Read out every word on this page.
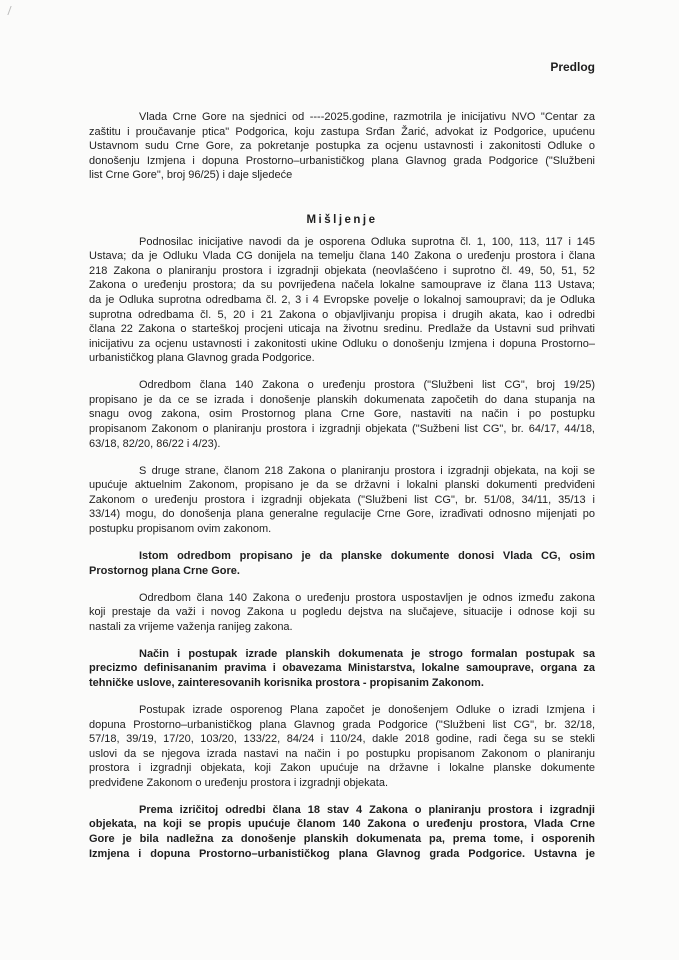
Predlog
Vlada Crne Gore na sjednici od ----2025.godine, razmotrila je inicijativu NVO "Centar za
zaštitu i proučavanje ptica" Podgorica, koju zastupa Srđan Žarić, advokat iz Podgorice, upućenu
Ustavnom sudu Crne Gore, za pokretanje postupka za ocjenu ustavnosti i zakonitosti Odluke o
donošenju Izmjena i dopuna Prostorno–urbanističkog plana Glavnog grada Podgorice ("Službeni
list Crne Gore", broj 96/25) i daje sljedeće
Mišljenje
Podnosilac inicijative navodi da je osporena Odluka suprotna čl. 1, 100, 113, 117 i 145
Ustava; da je Odluku Vlada CG donijela na temelju člana 140 Zakona o uređenju prostora i člana
218 Zakona o planiranju prostora i izgradnji objekata (neovlašćeno i suprotno čl. 49, 50, 51, 52
Zakona o uređenju prostora; da su povrijeđena načela lokalne samouprave iz člana 113 Ustava;
da je Odluka suprotna odredbama čl. 2, 3 i 4 Evropske povelje o lokalnoj samoupravi; da je Odluka
suprotna odredbama čl. 5, 20 i 21 Zakona o objavljivanju propisa i drugih akata, kao i odredbi
člana 22 Zakona o starteškoj procjeni uticaja na životnu sredinu. Predlaže da Ustavni sud prihvati
inicijativu za ocjenu ustavnosti i zakonitosti ukine Odluku o donošenju Izmjena i dopuna Prostorno–
urbanističkog plana Glavnog grada Podgorice.
Odredbom člana 140 Zakona o uređenju prostora ("Službeni list CG", broj 19/25)
propisano je da ce se izrada i donošenje planskih dokumenata započetih do dana stupanja na
snagu ovog zakona, osim Prostornog plana Crne Gore, nastaviti na način i po postupku
propisanom Zakonom o planiranju prostora i izgradnji objekata ("Sužbeni list CG", br. 64/17, 44/18,
63/18, 82/20, 86/22 i 4/23).
S druge strane, članom 218 Zakona o planiranju prostora i izgradnji objekata, na koji se
upućuje aktuelnim Zakonom, propisano je da se državni i lokalni planski dokumenti predviđeni
Zakonom o uređenju prostora i izgradnji objekata ("Službeni list CG", br. 51/08, 34/11, 35/13 i
33/14) mogu, do donošenja plana generalne regulacije Crne Gore, izrađivati odnosno mijenjati po
postupku propisanom ovim zakonom.
Istom odredbom propisano je da planske dokumente donosi Vlada CG, osim
Prostornog plana Crne Gore.
Odredbom člana 140 Zakona o uređenju prostora uspostavljen je odnos između zakona
koji prestaje da važi i novog Zakona u pogledu dejstva na slučajeve, situacije i odnose koji su
nastali za vrijeme važenja ranijeg zakona.
Način i postupak izrade planskih dokumenata je strogo formalan postupak sa
precizmo definisananim pravima i obavezama Ministarstva, lokalne samouprave, organa za
tehničke uslove, zainteresovanih korisnika prostora - propisanim Zakonom.
Postupak izrade osporenog Plana započet je donošenjem Odluke o izradi Izmjena i
dopuna Prostorno–urbanističkog plana Glavnog grada Podgorice ("Službeni list CG", br. 32/18,
57/18, 39/19, 17/20, 103/20, 133/22, 84/24 i 110/24, dakle 2018 godine, radi čega su se stekli
uslovi da se njegova izrada nastavi na način i po postupku propisanom Zakonom o planiranju
prostora i izgradnji objekata, koji Zakon upućuje na državne i lokalne planske dokumente
predviđene Zakonom o uređenju prostora i izgradnji objekata.
Prema izričitoj odredbi člana 18 stav 4 Zakona o planiranju prostora i izgradnji
objekata, na koji se propis upućuje članom 140 Zakona o uređenju prostora, Vlada Crne
Gore je bila nadležna za donošenje planskih dokumenata pa, prema tome, i osporenih
Izmjena i dopuna Prostorno–urbanističkog plana Glavnog grada Podgorice. Ustavna je
